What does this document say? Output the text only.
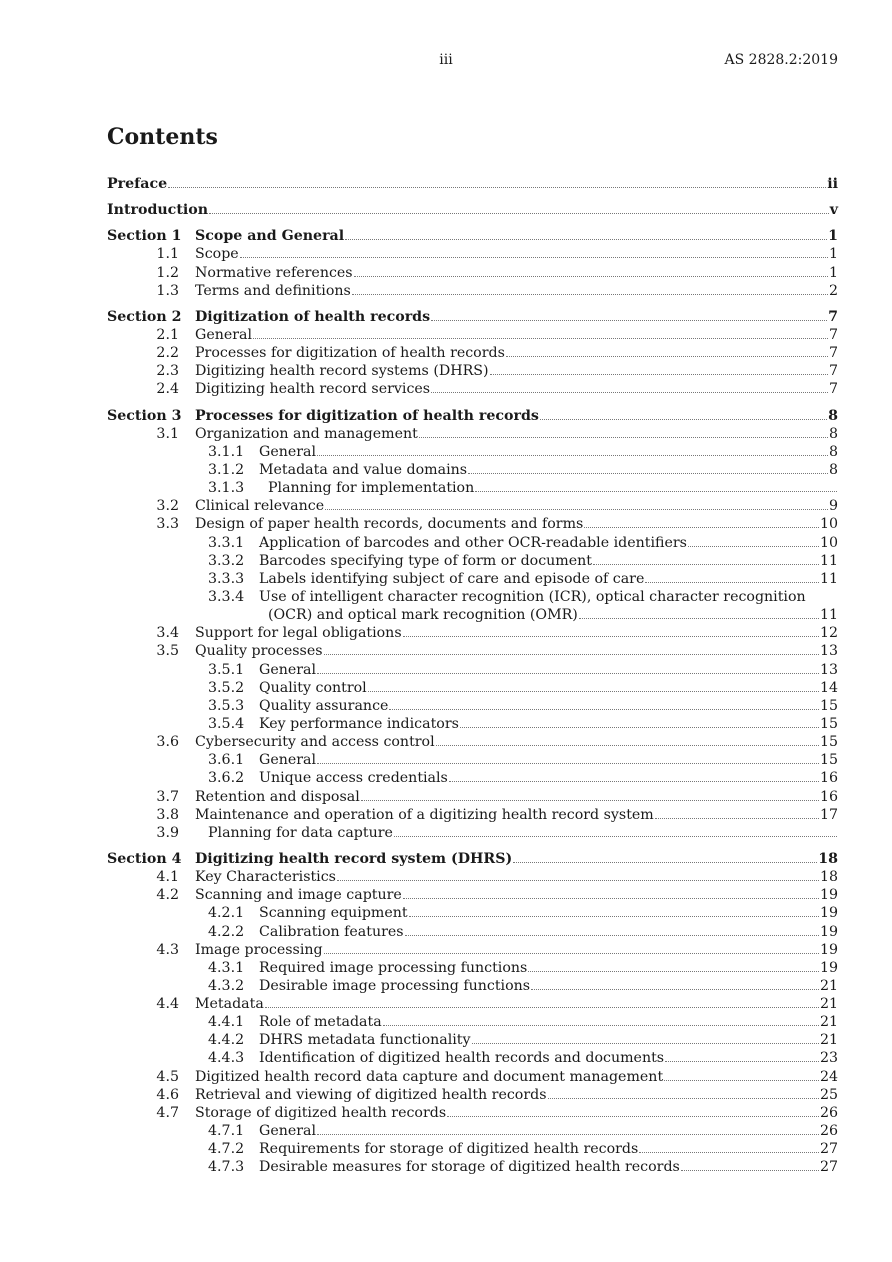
iii	AS 2828.2:2019
Contents
Preface	ii
Introduction	v
Section 1 Scope and General	1
1.1 Scope	1
1.2 Normative references	1
1.3 Terms and definitions	2
Section 2 Digitization of health records	7
2.1 General	7
2.2 Processes for digitization of health records	7
2.3 Digitizing health record systems (DHRS)	7
2.4 Digitizing health record services	7
Section 3 Processes for digitization of health records	8
3.1 Organization and management	8
3.1.1 General	8
3.1.2 Metadata and value domains	8
3.1.3 Planning for implementation
3.2 Clinical relevance	9
3.3 Design of paper health records, documents and forms	10
3.3.1 Application of barcodes and other OCR-readable identifiers	10
3.3.2 Barcodes specifying type of form or document	11
3.3.3 Labels identifying subject of care and episode of care	11
3.3.4 Use of intelligent character recognition (ICR), optical character recognition
(OCR) and optical mark recognition (OMR)	11
3.4 Support for legal obligations	12
3.5 Quality processes	13
3.5.1 General	13
3.5.2 Quality control	14
3.5.3 Quality assurance	15
3.5.4 Key performance indicators	15
3.6 Cybersecurity and access control	15
3.6.1 General	15
3.6.2 Unique access credentials	16
3.7 Retention and disposal	16
3.8 Maintenance and operation of a digitizing health record system	17
3.9 Planning for data capture
Section 4 Digitizing health record system (DHRS)	18
4.1 Key Characteristics	18
4.2 Scanning and image capture	19
4.2.1 Scanning equipment	19
4.2.2 Calibration features	19
4.3 Image processing	19
4.3.1 Required image processing functions	19
4.3.2 Desirable image processing functions	21
4.4 Metadata	21
4.4.1 Role of metadata	21
4.4.2 DHRS metadata functionality	21
4.4.3 Identification of digitized health records and documents	23
4.5 Digitized health record data capture and document management	24
4.6 Retrieval and viewing of digitized health records	25
4.7 Storage of digitized health records	26
4.7.1 General	26
4.7.2 Requirements for storage of digitized health records	27
4.7.3 Desirable measures for storage of digitized health records	27
